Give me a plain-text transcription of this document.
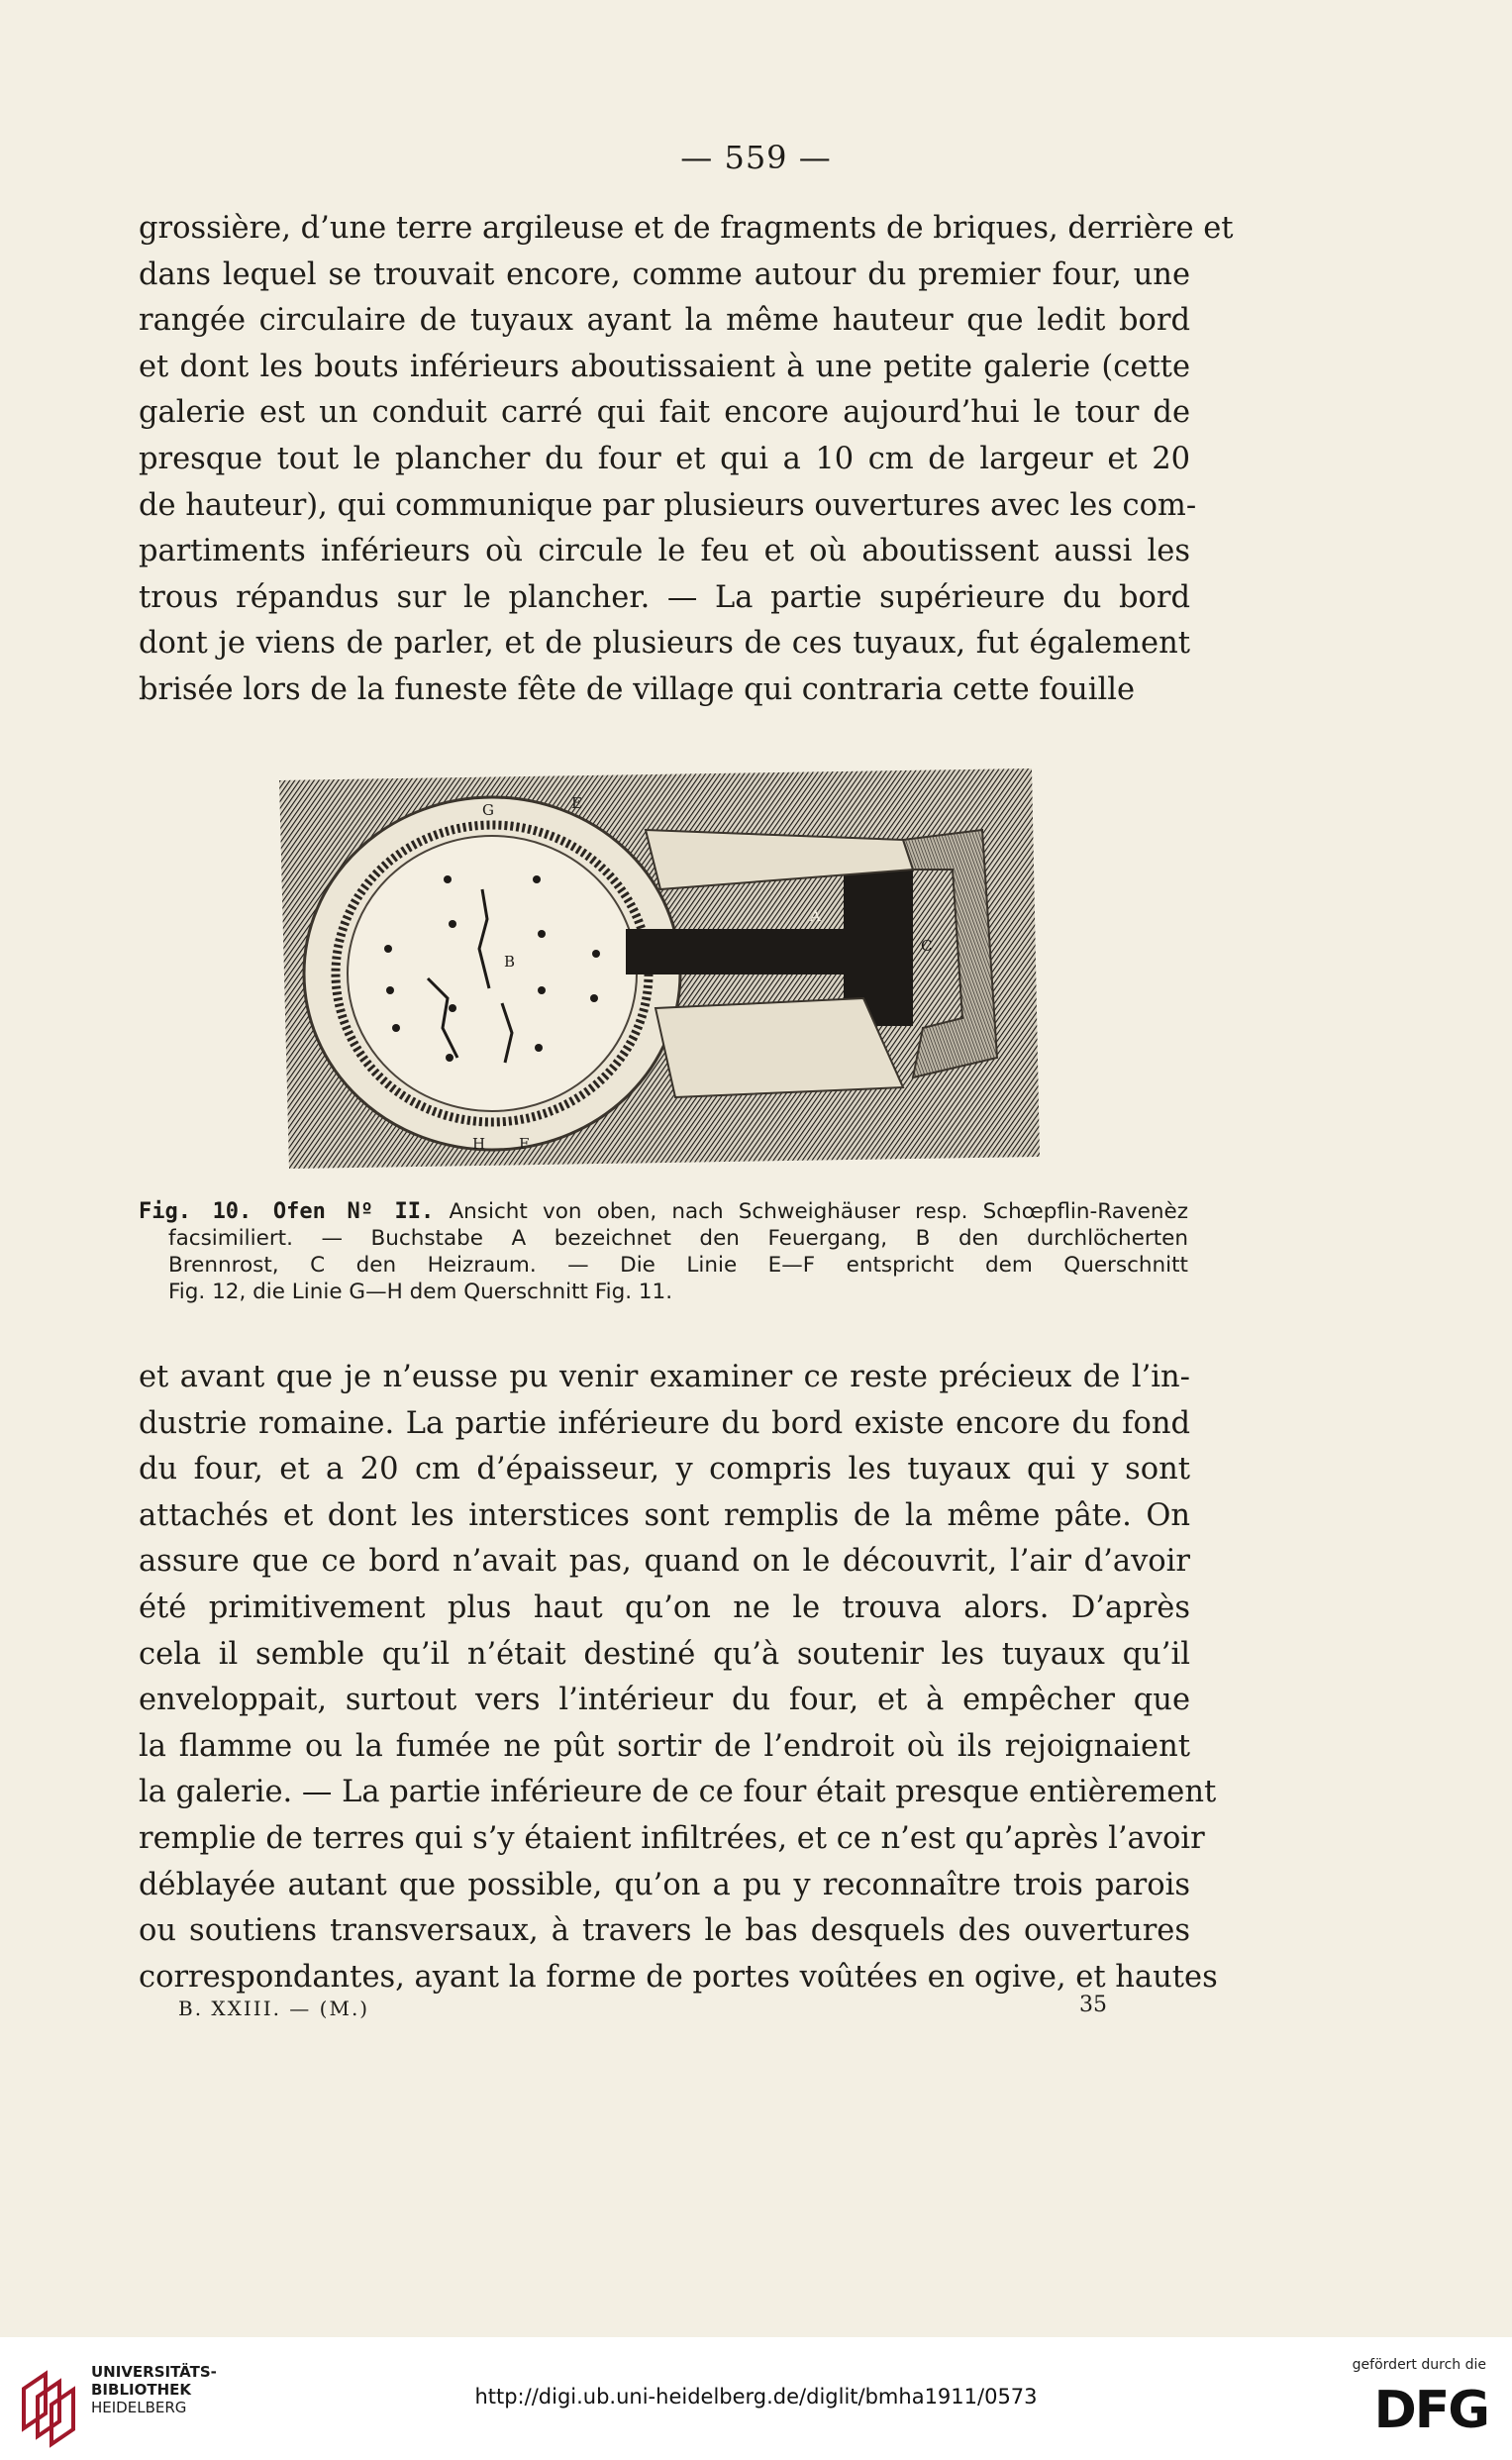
— 559 —

grossière, d’une terre argileuse et de fragments de briques, derrière et
dans lequel se trouvait encore, comme autour du premier four, une
rangée circulaire de tuyaux ayant la même hauteur que ledit bord
et dont les bouts inférieurs aboutissaient à une petite galerie (cette
galerie est un conduit carré qui fait encore aujourd’hui le tour de
presque tout le plancher du four et qui a 10 cm de largeur et 20
de hauteur), qui communique par plusieurs ouvertures avec les com-
partiments inférieurs où circule le feu et où aboutissent aussi les
trous répandus sur le plancher. — La partie supérieure du bord
dont je viens de parler, et de plusieurs de ces tuyaux, fut également
brisée lors de la funeste fête de village qui contraria cette fouille

G	E
A
B
C
H F
Fig. 10. Ofen Nº II. Ansicht von oben, nach Schweighäuser resp. Schœpflin-Ravenèz
facsimiliert. — Buchstabe A bezeichnet den Feuergang, B den durchlöcherten
Brennrost, C den Heizraum. — Die Linie E—F entspricht dem Querschnitt
Fig. 12, die Linie G—H dem Querschnitt Fig. 11.

et avant que je n’eusse pu venir examiner ce reste précieux de l’in-
dustrie romaine. La partie inférieure du bord existe encore du fond
du four, et a 20 cm d’épaisseur, y compris les tuyaux qui y sont
attachés et dont les interstices sont remplis de la même pâte. On
assure que ce bord n’avait pas, quand on le découvrit, l’air d’avoir
été primitivement plus haut qu’on ne le trouva alors. D’après
cela il semble qu’il n’était destiné qu’à soutenir les tuyaux qu’il
enveloppait, surtout vers l’intérieur du four, et à empêcher que
la flamme ou la fumée ne pût sortir de l’endroit où ils rejoignaient
la galerie. — La partie inférieure de ce four était presque entièrement
remplie de terres qui s’y étaient infiltrées, et ce n’est qu’après l’avoir
déblayée autant que possible, qu’on a pu y reconnaître trois parois
ou soutiens transversaux, à travers le bas desquels des ouvertures
correspondantes, ayant la forme de portes voûtées en ogive, et hautes

B. XXIII. — (M.)	35
UNIVERSITÄTS-
BIBLIOTHEK
HEIDELBERG	http://digi.ub.uni-heidelberg.de/diglit/bmha1911/0573
gefördert durch die
DFG
